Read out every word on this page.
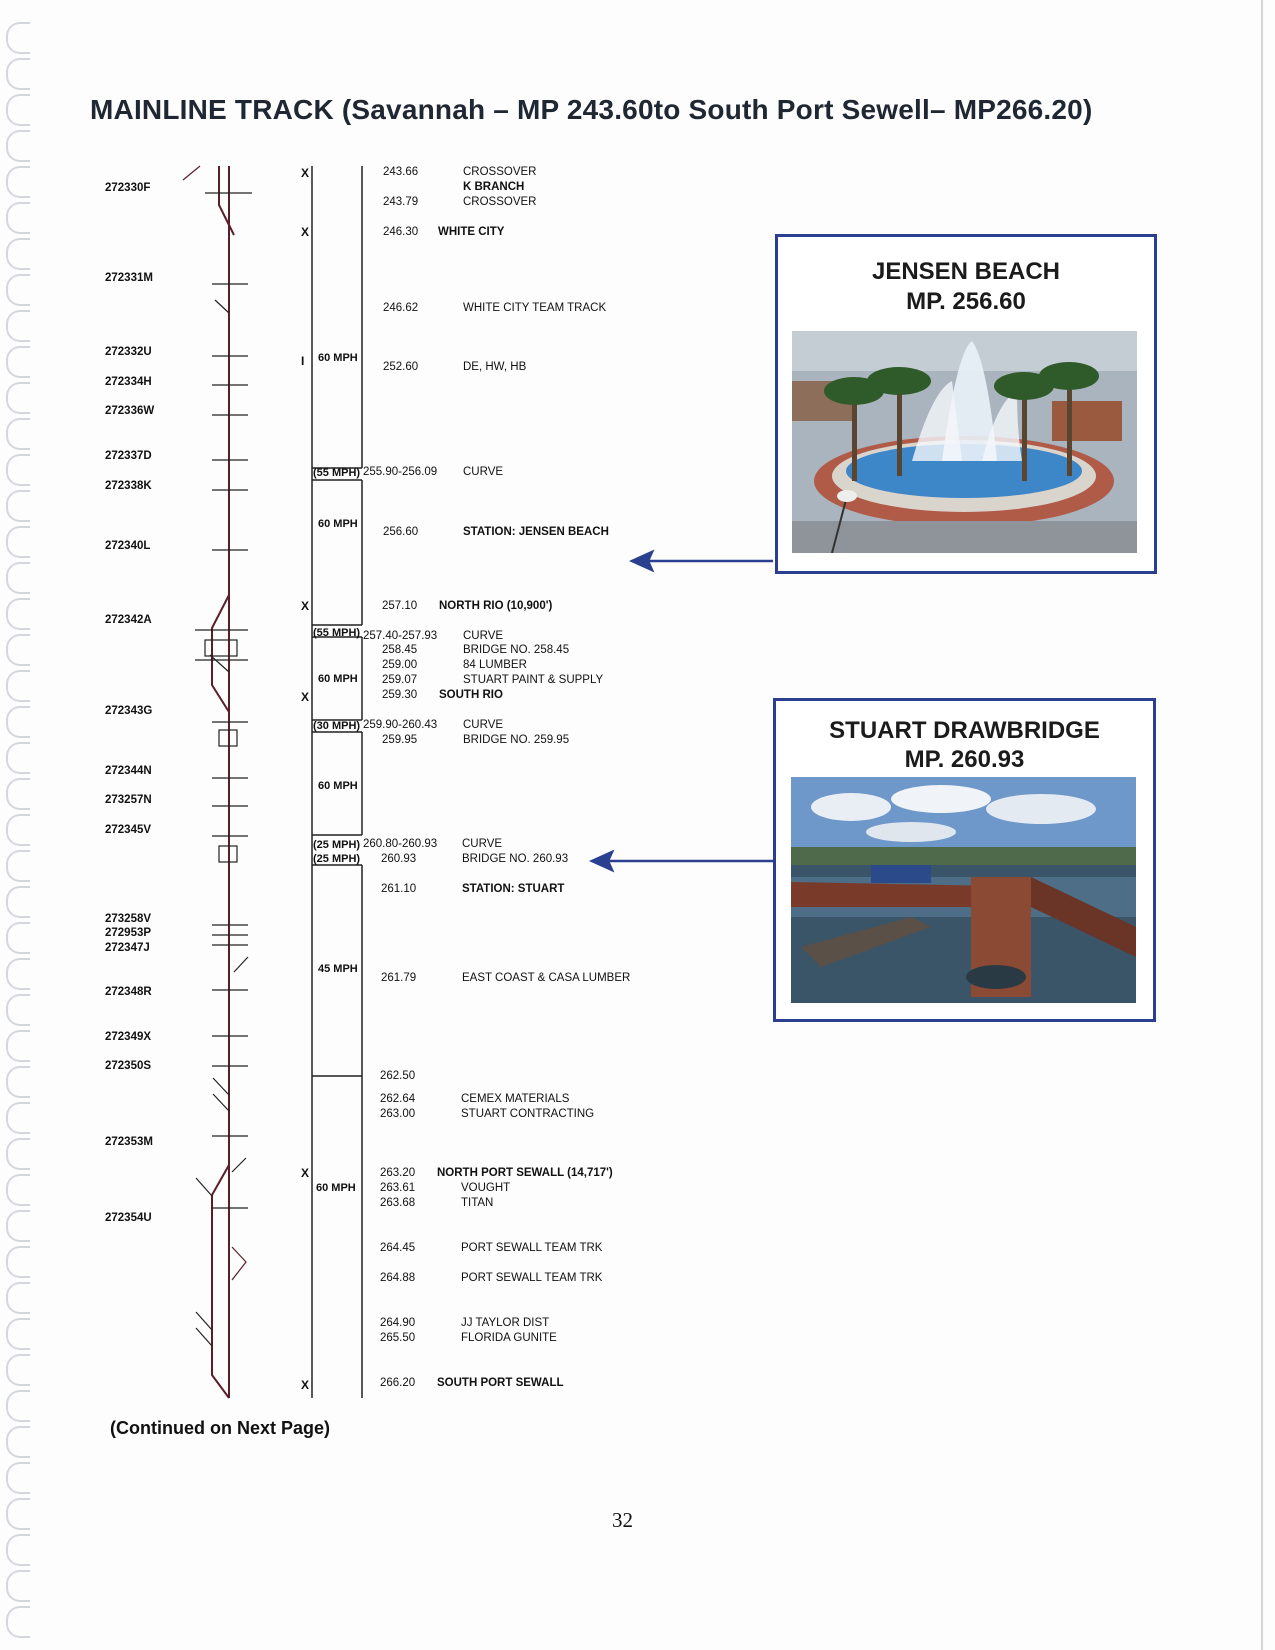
MAINLINE TRACK (Savannah – MP 243.60to South Port Sewell– MP266.20)
272330F
272331M
272332U
272334H
272336W
272337D
272338K
272340L
272342A
272343G
272344N
273257N
272345V
273258V
272953P
272347J
272348R
272349X
272350S
272353M
272354U
X
X
I
X
X
X
X
60 MPH
(55 MPH)
60 MPH
(55 MPH)
60 MPH
(30 MPH)
60 MPH
(25 MPH)
(25 MPH)
45 MPH
60 MPH
243.66
243.79
246.30
246.62
252.60
255.90-256.09
256.60
257.10
257.40-257.93
258.45
259.00
259.07
259.30
259.90-260.43
259.95
260.80-260.93
260.93
261.10
261.79
262.50
262.64
263.00
263.20
263.61
263.68
264.45
264.88
264.90
265.50
266.20
CROSSOVER
K BRANCH
CROSSOVER
WHITE CITY
WHITE CITY TEAM TRACK
DE, HW, HB
CURVE
STATION: JENSEN BEACH
NORTH RIO (10,900')
CURVE
BRIDGE NO. 258.45
84 LUMBER
STUART PAINT & SUPPLY
SOUTH RIO
CURVE
BRIDGE NO. 259.95
CURVE
BRIDGE NO. 260.93
STATION: STUART
EAST COAST & CASA LUMBER
CEMEX MATERIALS
STUART CONTRACTING
NORTH PORT SEWALL (14,717')
VOUGHT
TITAN
PORT SEWALL TEAM TRK
PORT SEWALL TEAM TRK
JJ TAYLOR DIST
FLORIDA GUNITE
SOUTH PORT SEWALL
JENSEN BEACH
MP. 256.60
STUART DRAWBRIDGE
MP. 260.93
(Continued on Next Page)
32
